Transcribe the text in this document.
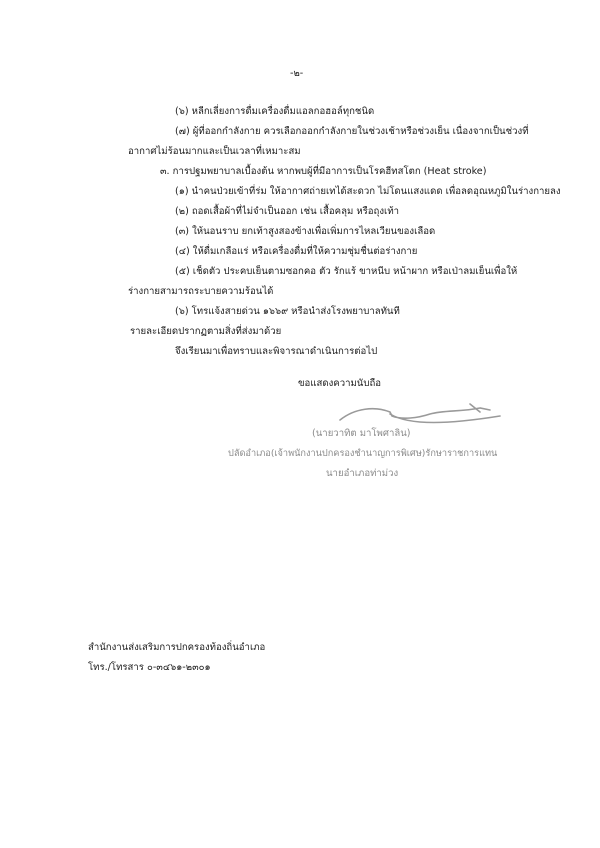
-๒-
(๖) หลีกเลี่ยงการดื่มเครื่องดื่มแอลกอฮอล์ทุกชนิด
(๗) ผู้ที่ออกกำลังกาย ควรเลือกออกกำลังกายในช่วงเช้าหรือช่วงเย็น เนื่องจากเป็นช่วงที่
อากาศไม่ร้อนมากและเป็นเวลาที่เหมาะสม
๓. การปฐมพยาบาลเบื้องต้น หากพบผู้ที่มีอาการเป็นโรคฮีทสโตก (Heat stroke)
(๑) นำคนป่วยเข้าที่ร่ม ให้อากาศถ่ายเทได้สะดวก ไม่โดนแสงแดด เพื่อลดอุณหภูมิในร่างกายลง
(๒) ถอดเสื้อผ้าที่ไม่จำเป็นออก เช่น เสื้อคลุม หรือถุงเท้า
(๓) ให้นอนราบ ยกเท้าสูงสองข้างเพื่อเพิ่มการไหลเวียนของเลือด
(๔) ให้ดื่มเกลือแร่ หรือเครื่องดื่มที่ให้ความชุ่มชื่นต่อร่างกาย
(๕) เช็ดตัว ประคบเย็นตามซอกคอ ตัว รักแร้ ขาหนีบ หน้าผาก หรือเป่าลมเย็นเพื่อให้
ร่างกายสามารถระบายความร้อนได้
(๖) โทรแจ้งสายด่วน ๑๖๖๙ หรือนำส่งโรงพยาบาลทันที
รายละเอียดปรากฏตามสิ่งที่ส่งมาด้วย
จึงเรียนมาเพื่อทราบและพิจารณาดำเนินการต่อไป
ขอแสดงความนับถือ
(นายวาทิต มาโพศาลิน)
ปลัดอำเภอ(เจ้าพนักงานปกครองชำนาญการพิเศษ)รักษาราชการแทน
นายอำเภอท่าม่วง
สำนักงานส่งเสริมการปกครองท้องถิ่นอำเภอ
โทร./โทรสาร ๐-๓๔๖๑-๒๓๐๑
